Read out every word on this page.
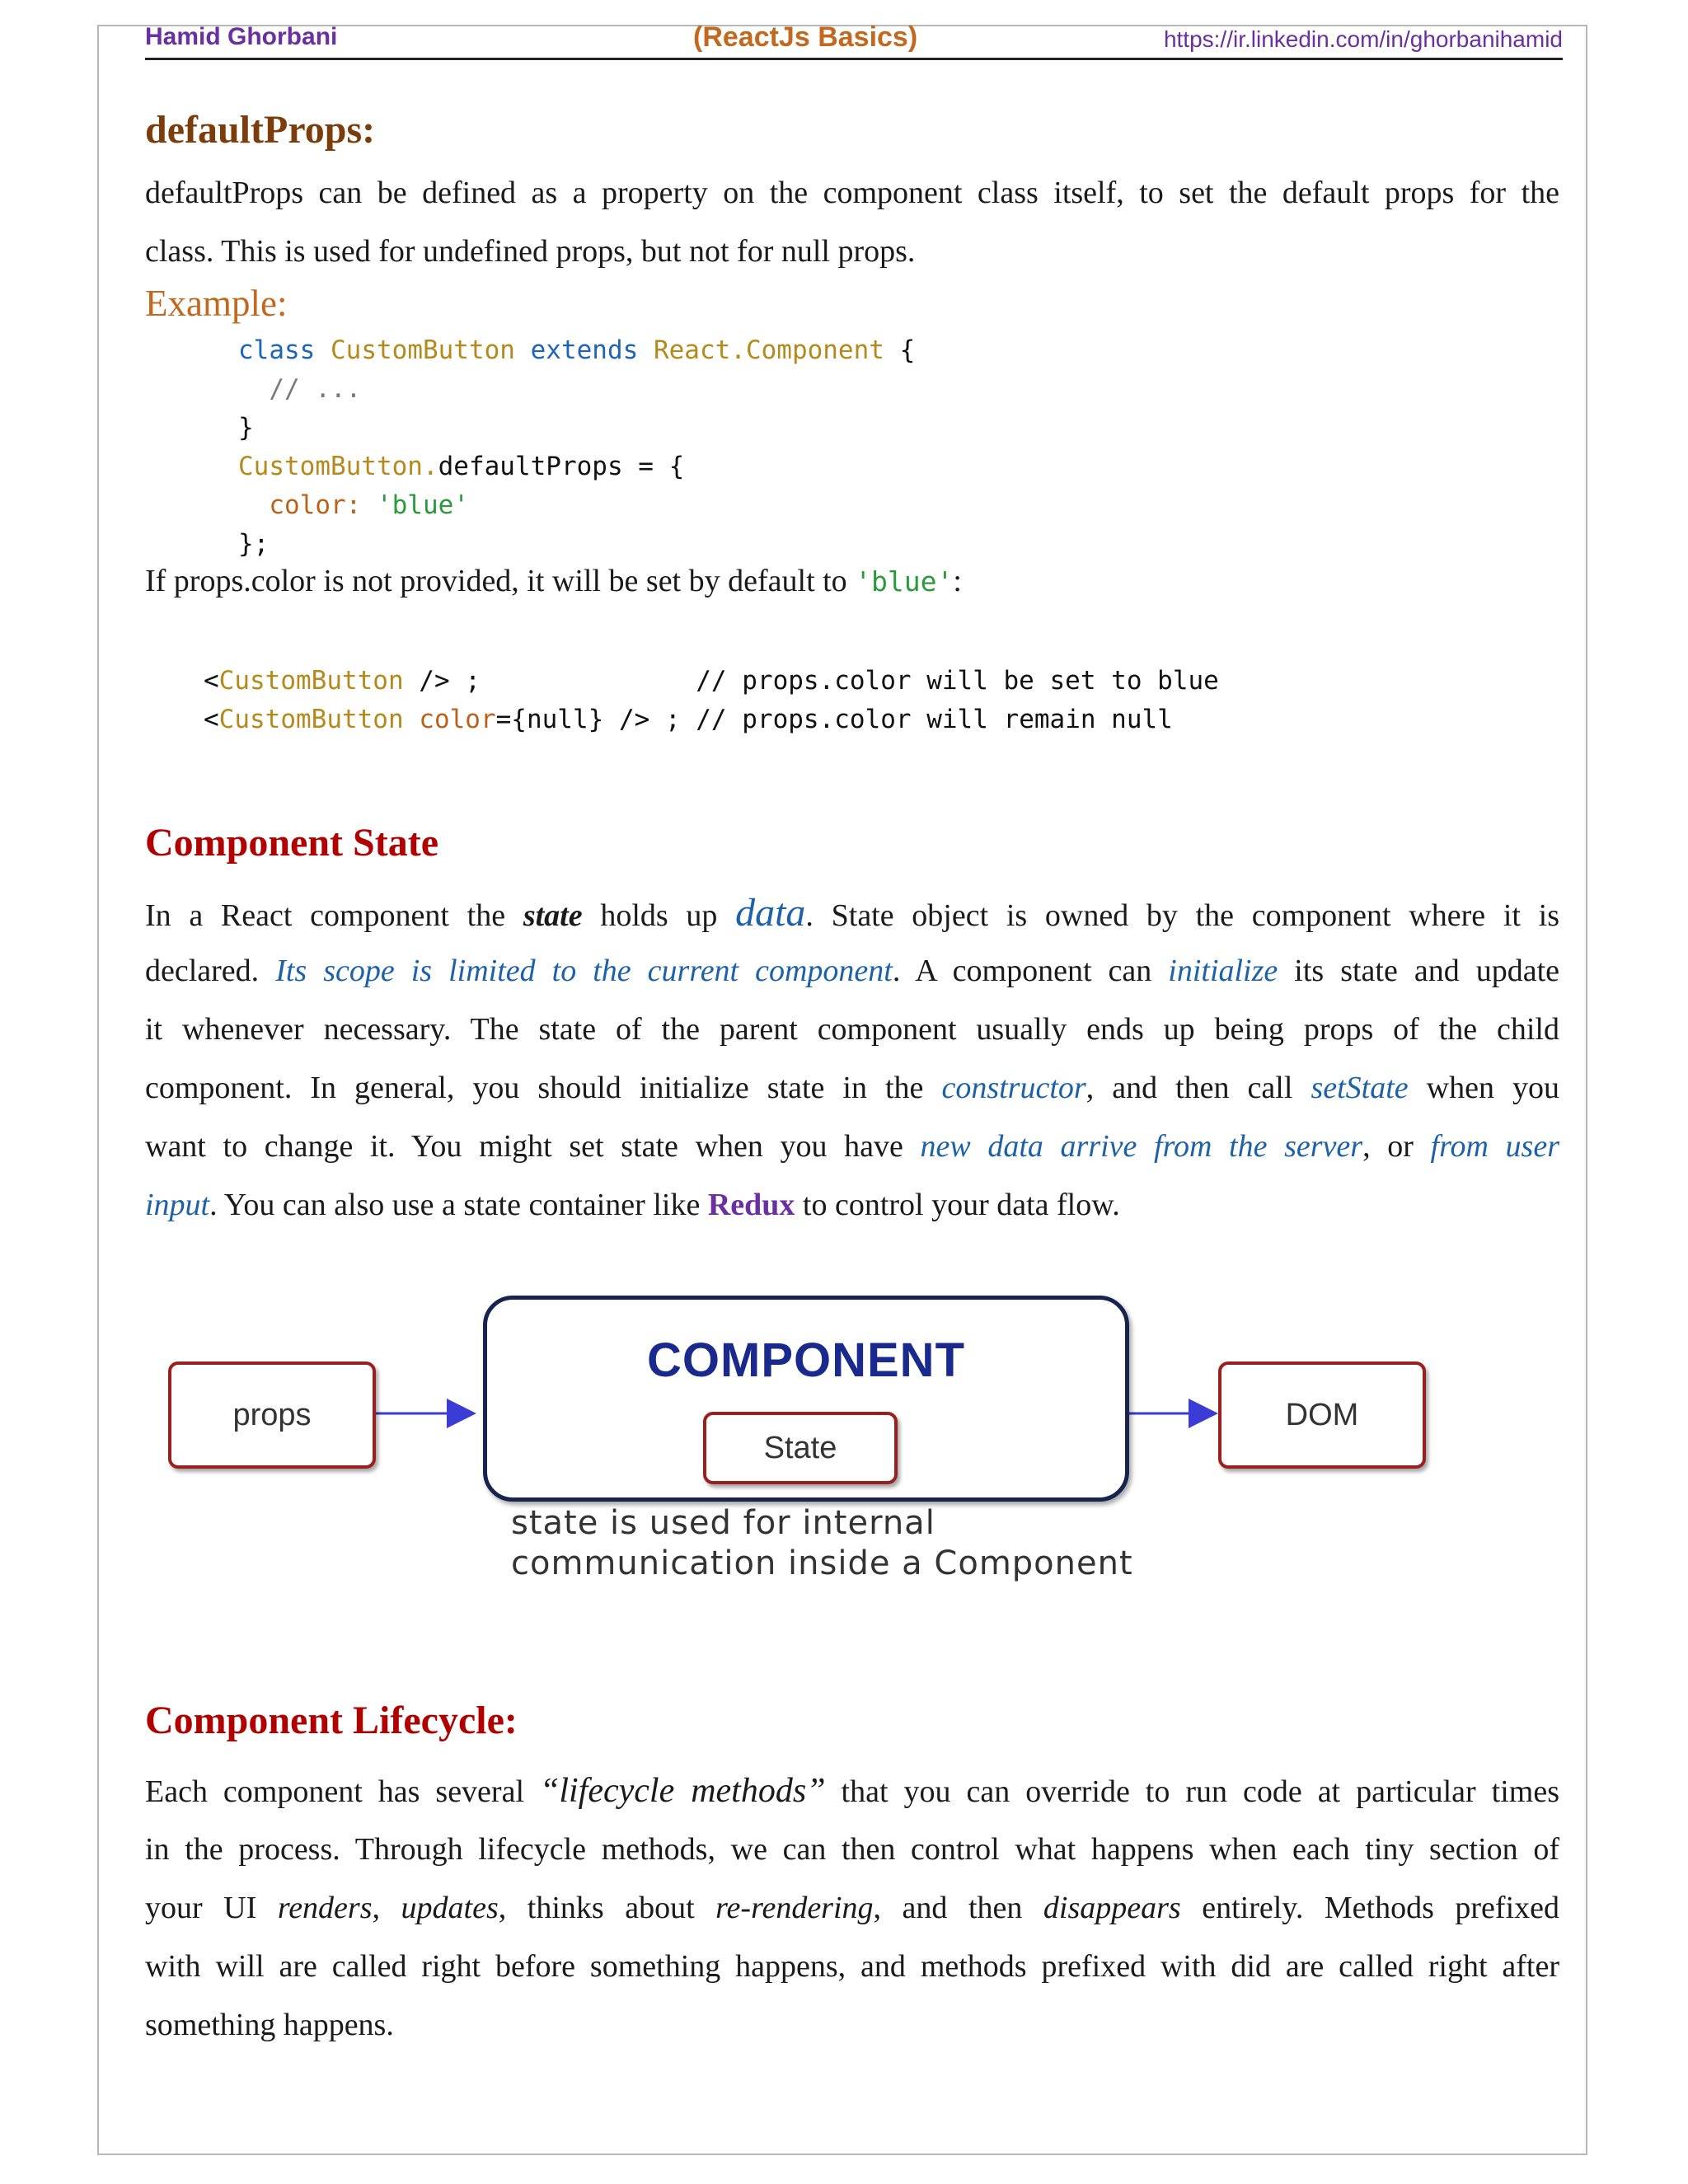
Hamid Ghorbani	(ReactJs Basics)	https://ir.linkedin.com/in/ghorbanihamid
defaultProps:
defaultProps can be defined as a property on the component class itself, to set the default props for the
class. This is used for undefined props, but not for null props.
Example:
class CustomButton extends React.Component {
// ...
}
CustomButton.defaultProps = {
color: 'blue'
};
If props.color is not provided, it will be set by default to 'blue':
<CustomButton /> ;              // props.color will be set to blue
<CustomButton color={null} /> ; // props.color will remain null
Component State
In a React component the state holds up data. State object is owned by the component where it is
declared. Its scope is limited to the current component. A component can initialize its state and update
it whenever necessary. The state of the parent component usually ends up being props of the child
component. In general, you should initialize state in the constructor, and then call setState when you
want to change it. You might set state when you have new data arrive from the server, or from user
input. You can also use a state container like Redux to control your data flow.
props
COMPONENT
State
DOM
state is used for internal
communication inside a Component
Component Lifecycle:
Each component has several “lifecycle methods” that you can override to run code at particular times
in the process. Through lifecycle methods, we can then control what happens when each tiny section of
your UI renders, updates, thinks about re-rendering, and then disappears entirely. Methods prefixed
with will are called right before something happens, and methods prefixed with did are called right after
something happens.
